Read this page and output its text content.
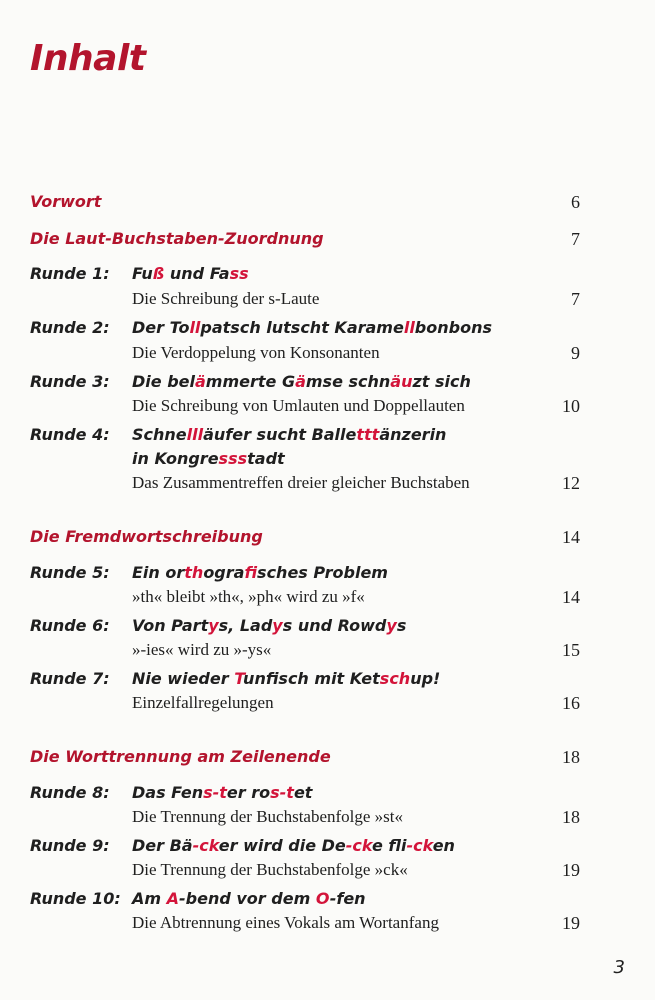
Inhalt
Vorwort	6
Die Laut-Buchstaben-Zuordnung	7
Runde 1: Fuß und Fass
Die Schreibung der s-Laute	7
Runde 2: Der Tollpatsch lutscht Karamellbonbons
Die Verdoppelung von Konsonanten	9
Runde 3: Die belämmerte Gämse schnäuzt sich
Die Schreibung von Umlauten und Doppellauten	10
Runde 4: Schnellläufer sucht Balletttänzerin
in Kongressstadt
Das Zusammentreffen dreier gleicher Buchstaben	12
Die Fremdwortschreibung	14
Runde 5: Ein orthografisches Problem
»th« bleibt »th«, »ph« wird zu »f«	14
Runde 6: Von Partys, Ladys und Rowdys
»-ies« wird zu »-ys«	15
Runde 7: Nie wieder Tunfisch mit Ketschup!
Einzelfallregelungen	16
Die Worttrennung am Zeilenende	18
Runde 8: Das Fens-ter ros-tet
Die Trennung der Buchstabenfolge »st«	18
Runde 9: Der Bä-cker wird die De-cke fli-cken
Die Trennung der Buchstabenfolge »ck«	19
Runde 10: Am A-bend vor dem O-fen
Die Abtrennung eines Vokals am Wortanfang	19
3
